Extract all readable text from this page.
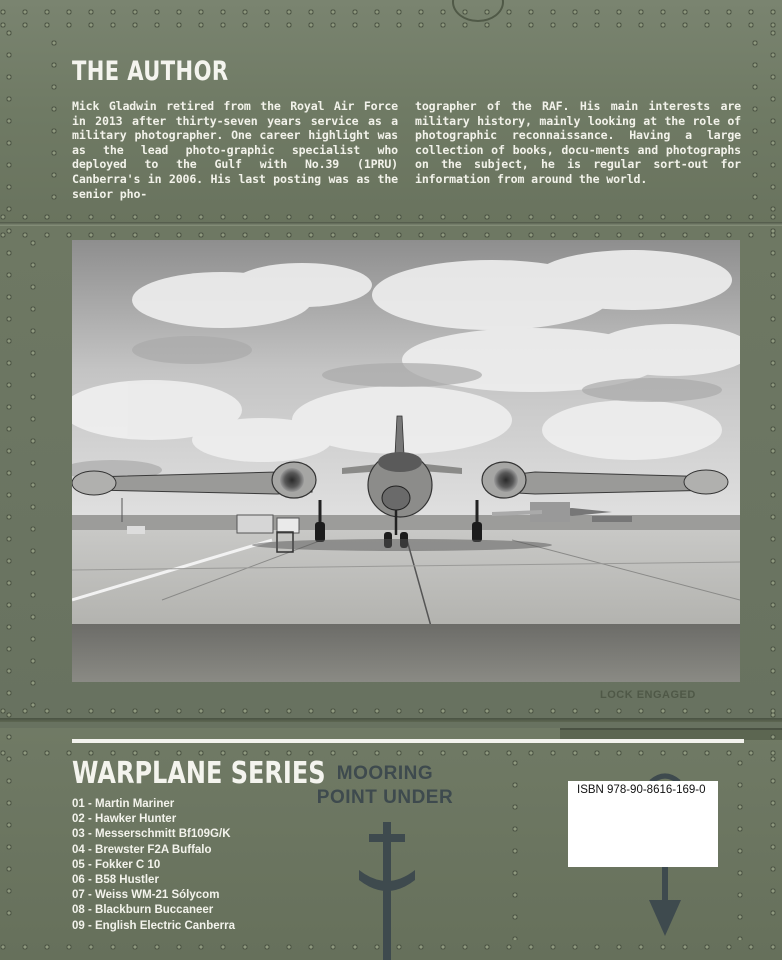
THE AUTHOR

Mick Gladwin retired from the Royal Air Force in 2013 after thirty-seven years service as a military photographer. One career highlight was as the lead photo-graphic specialist who deployed to the Gulf with No.39 (1PRU) Canberra's in 2006. His last posting was as the senior pho-

tographer of the RAF. His main interests are military history, mainly looking at the role of photographic reconnaissance. Having a large collection of books, docu-ments and photographs on the subject, he is regular sort-out for information from around the world.

LOCK ENGAGED

WARPLANE SERIES
01 - Martin Mariner
02 - Hawker Hunter
03 - Messerschmitt Bf109G/K
04 - Brewster F2A Buffalo
05 - Fokker C 10
06 - B58 Hustler
07 - Weiss WM-21 Sólycom
08 - Blackburn Buccaneer
09 - English Electric Canberra
MOORING
POINT UNDER	ISBN 978-90-8616-169-0
